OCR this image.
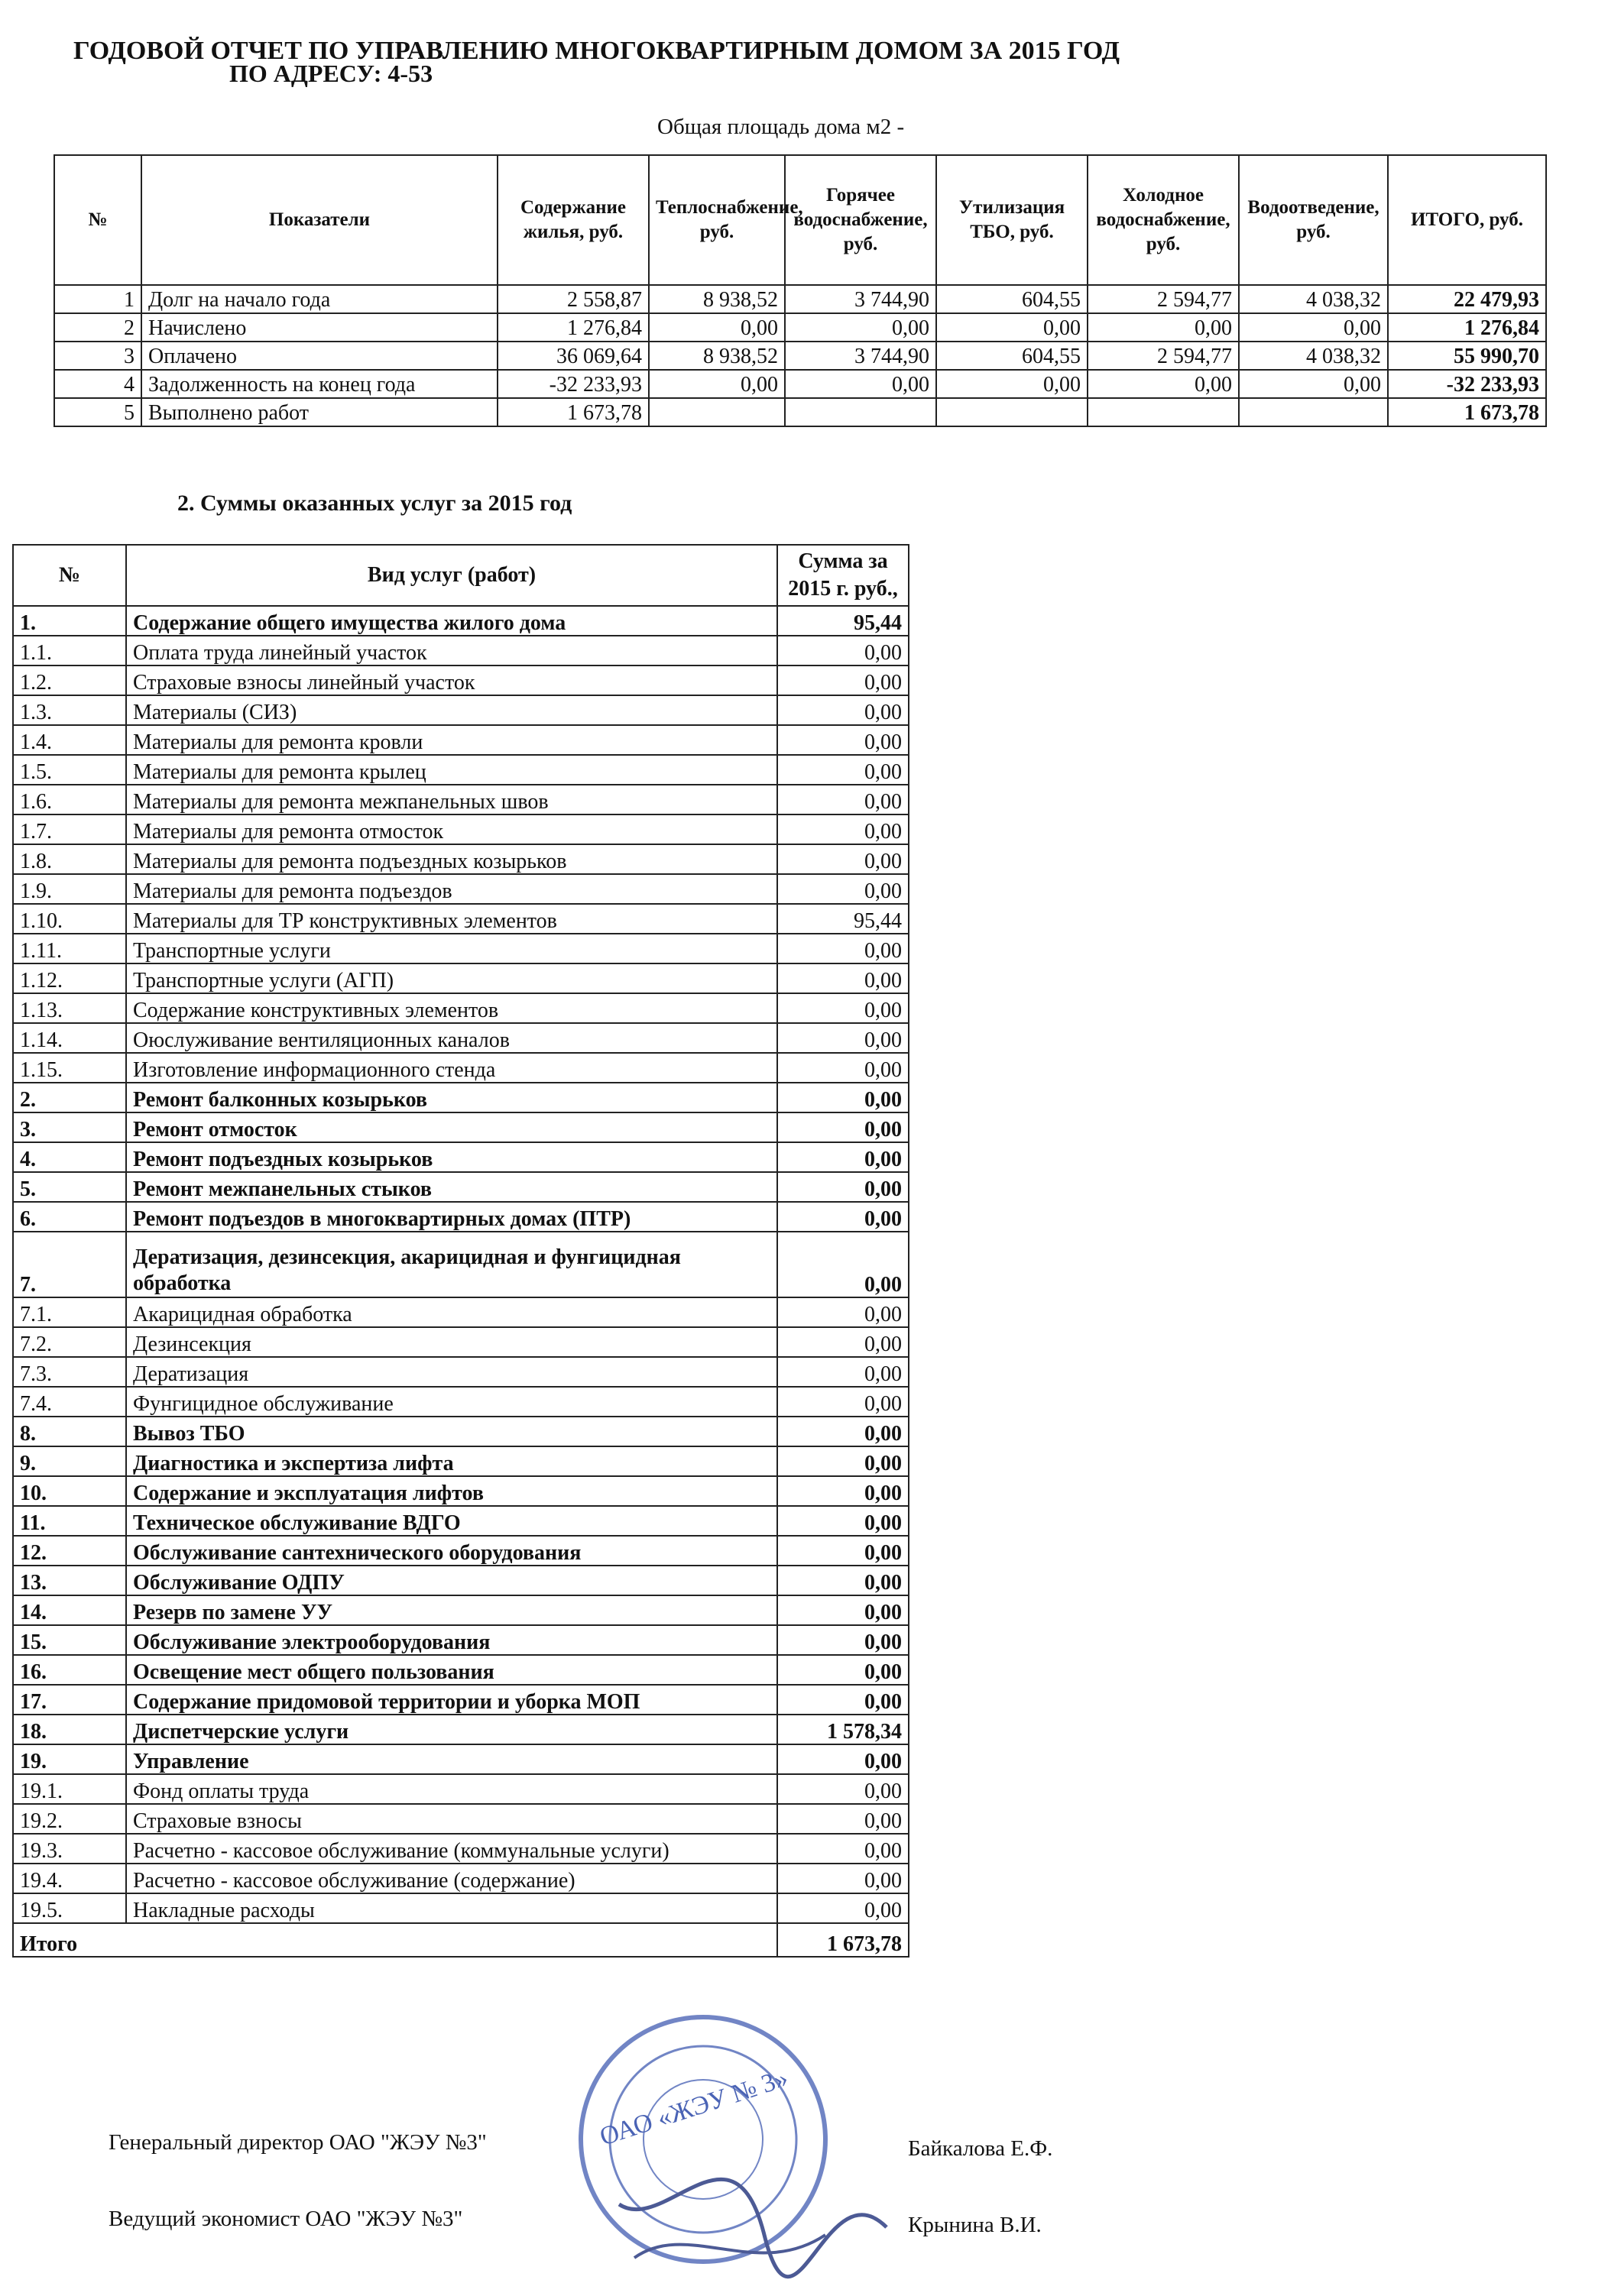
ГОДОВОЙ ОТЧЕТ ПО УПРАВЛЕНИЮ МНОГОКВАРТИРНЫМ ДОМОМ ЗА 2015 ГОД
ПО АДРЕСУ: 4-53
Общая площадь дома м2 -
№	Показатели	Содержание жилья, руб.	Теплоснабжение, руб.	Горячее водоснабжение, руб.	Утилизация ТБО, руб.	Холодное водоснабжение, руб.	Водоотведение, руб.	ИТОГО, руб.
1	Долг на начало года	2 558,87	8 938,52	3 744,90	604,55	2 594,77	4 038,32	22 479,93
2	Начислено	1 276,84	0,00	0,00	0,00	0,00	0,00	1 276,84
3	Оплачено	36 069,64	8 938,52	3 744,90	604,55	2 594,77	4 038,32	55 990,70
4	Задолженность на конец года	-32 233,93	0,00	0,00	0,00	0,00	0,00	-32 233,93
5	Выполнено работ	1 673,78						1 673,78
2. Суммы оказанных услуг за 2015 год
№	Вид услуг (работ)	Сумма за 2015 г. руб.,
1.	Содержание общего имущества жилого дома	95,44
1.1.	Оплата труда линейный участок	0,00
1.2.	Страховые взносы линейный участок	0,00
1.3.	Материалы (СИЗ)	0,00
1.4.	Материалы для ремонта кровли	0,00
1.5.	Материалы для ремонта крылец	0,00
1.6.	Материалы для ремонта межпанельных швов	0,00
1.7.	Материалы для ремонта отмосток	0,00
1.8.	Материалы для ремонта подъездных козырьков	0,00
1.9.	Материалы для ремонта подъездов	0,00
1.10.	Материалы для ТР конструктивных элементов	95,44
1.11.	Транспортные услуги	0,00
1.12.	Транспортные услуги (АГП)	0,00
1.13.	Содержание конструктивных элементов	0,00
1.14.	Оюслуживание вентиляционных каналов	0,00
1.15.	Изготовление информационного стенда	0,00
2.	Ремонт балконных козырьков	0,00
3.	Ремонт отмосток	0,00
4.	Ремонт подъездных козырьков	0,00
5.	Ремонт межпанельных стыков	0,00
6.	Ремонт подъездов в многоквартирных домах (ПТР)	0,00
7.	Дератизация, дезинсекция, акарицидная и фунгицидная обработка	0,00
7.1.	Акарицидная обработка	0,00
7.2.	Дезинсекция	0,00
7.3.	Дератизация	0,00
7.4.	Фунгицидное обслуживание	0,00
8.	Вывоз ТБО	0,00
9.	Диагностика и экспертиза лифта	0,00
10.	Содержание и эксплуатация лифтов	0,00
11.	Техническое обслуживание ВДГО	0,00
12.	Обслуживание сантехнического оборудования	0,00
13.	Обслуживание ОДПУ	0,00
14.	Резерв по замене УУ	0,00
15.	Обслуживание электрооборудования	0,00
16.	Освещение мест общего пользования	0,00
17.	Содержание придомовой территории и уборка МОП	0,00
18.	Диспетчерские услуги	1 578,34
19.	Управление	0,00
19.1.	Фонд оплаты труда	0,00
19.2.	Страховые взносы	0,00
19.3.	Расчетно - кассовое обслуживание (коммунальные услуги)	0,00
19.4.	Расчетно - кассовое обслуживание (содержание)	0,00
19.5.	Накладные расходы	0,00
Итого		1 673,78
ОАО «ЖЭУ № 3»
Генеральный директор ОАО "ЖЭУ №3"	Байкалова Е.Ф.
Ведущий экономист ОАО "ЖЭУ №3"	Крынина В.И.
